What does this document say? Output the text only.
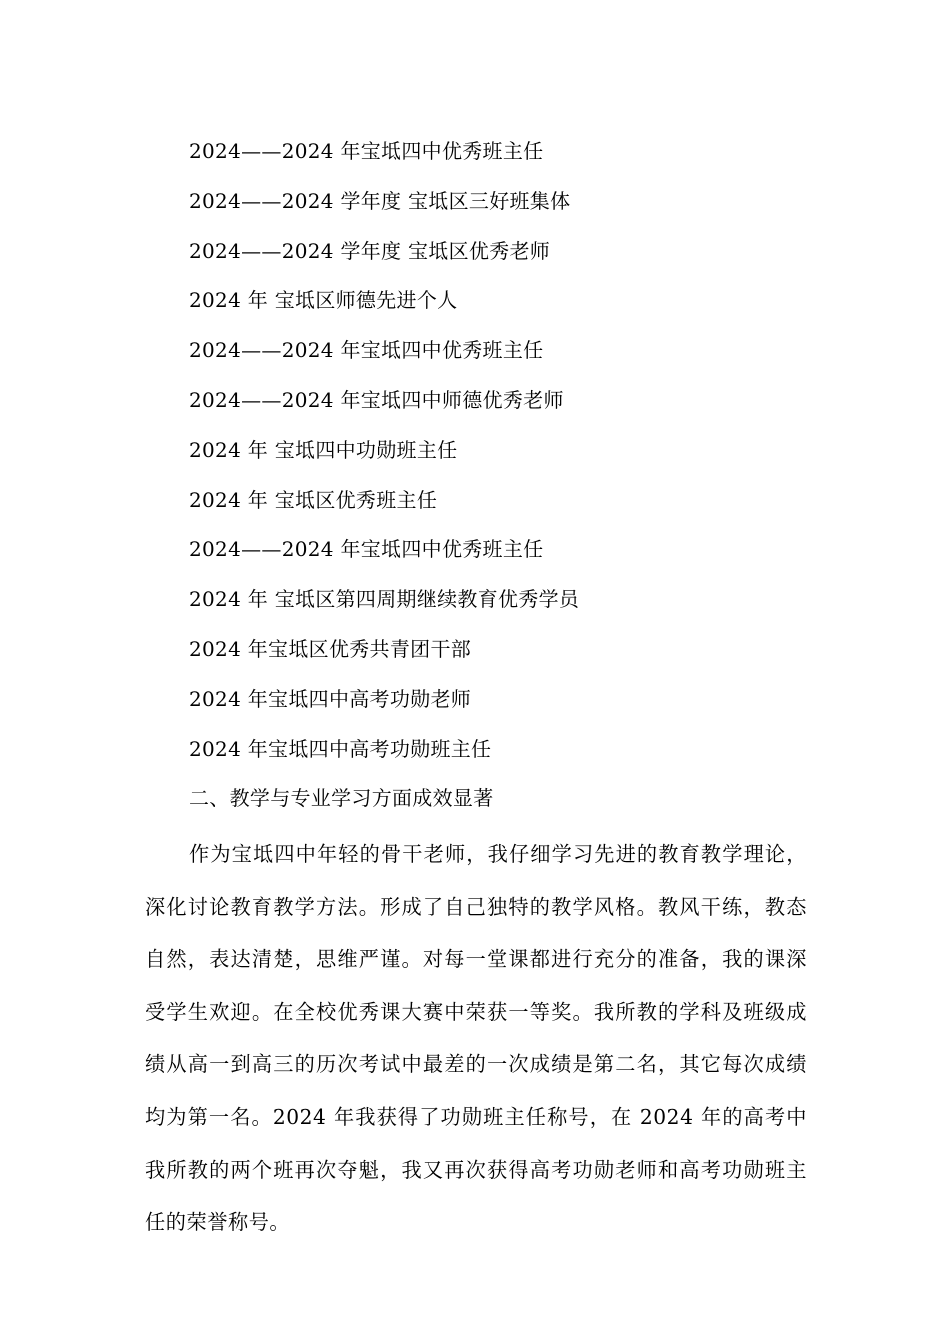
2024——2024 年宝坻四中优秀班主任
2024——2024 学年度 宝坻区三好班集体
2024——2024 学年度 宝坻区优秀老师
2024 年 宝坻区师德先进个人
2024——2024 年宝坻四中优秀班主任
2024——2024 年宝坻四中师德优秀老师
2024 年 宝坻四中功勋班主任
2024 年 宝坻区优秀班主任
2024——2024 年宝坻四中优秀班主任
2024 年 宝坻区第四周期继续教育优秀学员
2024 年宝坻区优秀共青团干部
2024 年宝坻四中高考功勋老师
2024 年宝坻四中高考功勋班主任
二、教学与专业学习方面成效显著

作为宝坻四中年轻的骨干老师，我仔细学习先进的教育教学理论，深化讨论教育教学方法。形成了自己独特的教学风格。教风干练，教态自然，表达清楚，思维严谨。对每一堂课都进行充分的准备，我的课深受学生欢迎。在全校优秀课大赛中荣获一等奖。我所教的学科及班级成绩从高一到高三的历次考试中最差的一次成绩是第二名，其它每次成绩均为第一名。2024 年我获得了功勋班主任称号，在 2024 年的高考中我所教的两个班再次夺魁，我又再次获得高考功勋老师和高考功勋班主任的荣誉称号。
